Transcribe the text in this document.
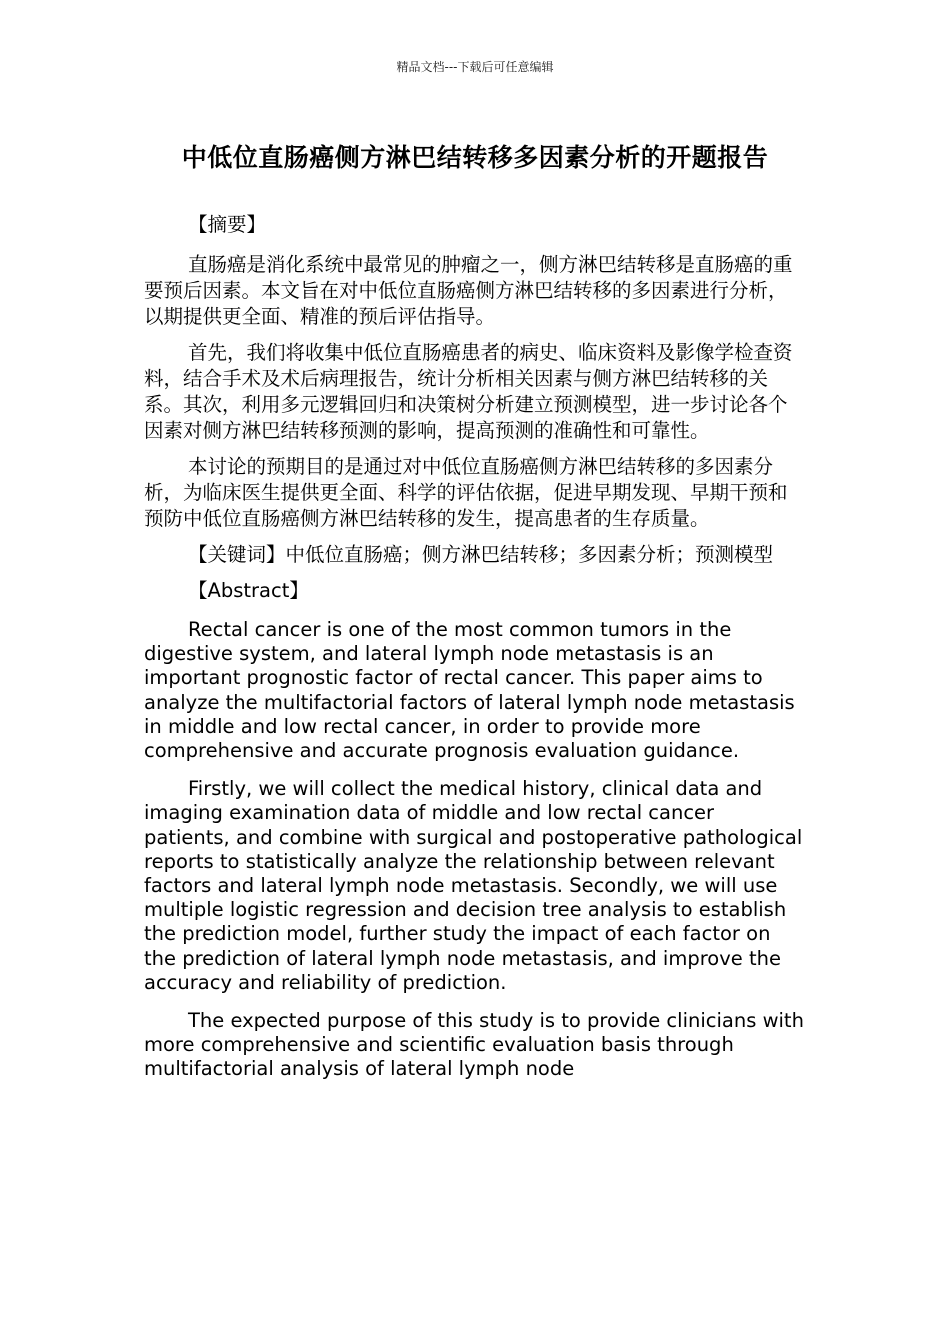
精品文档---下载后可任意编辑
中低位直肠癌侧方淋巴结转移多因素分析的开题报告

【摘要】

直肠癌是消化系统中最常见的肿瘤之一，侧方淋巴结转移是直肠癌的重要预后因素。本文旨在对中低位直肠癌侧方淋巴结转移的多因素进行分析，以期提供更全面、精准的预后评估指导。

首先，我们将收集中低位直肠癌患者的病史、临床资料及影像学检查资料，结合手术及术后病理报告，统计分析相关因素与侧方淋巴结转移的关系。其次，利用多元逻辑回归和决策树分析建立预测模型，进一步讨论各个因素对侧方淋巴结转移预测的影响，提高预测的准确性和可靠性。

本讨论的预期目的是通过对中低位直肠癌侧方淋巴结转移的多因素分析，为临床医生提供更全面、科学的评估依据，促进早期发现、早期干预和预防中低位直肠癌侧方淋巴结转移的发生，提高患者的生存质量。

【关键词】中低位直肠癌；侧方淋巴结转移；多因素分析；预测模型

【Abstract】

Rectal cancer is one of the most common tumors in the digestive system, and lateral lymph node metastasis is an important prognostic factor of rectal cancer. This paper aims to analyze the multifactorial factors of lateral lymph node metastasis in middle and low rectal cancer, in order to provide more comprehensive and accurate prognosis evaluation guidance.

Firstly, we will collect the medical history, clinical data and imaging examination data of middle and low rectal cancer patients, and combine with surgical and postoperative pathological reports to statistically analyze the relationship between relevant factors and lateral lymph node metastasis. Secondly, we will use multiple logistic regression and decision tree analysis to establish the prediction model, further study the impact of each factor on the prediction of lateral lymph node metastasis, and improve the accuracy and reliability of prediction.

The expected purpose of this study is to provide clinicians with more comprehensive and scientific evaluation basis through multifactorial analysis of lateral lymph node
